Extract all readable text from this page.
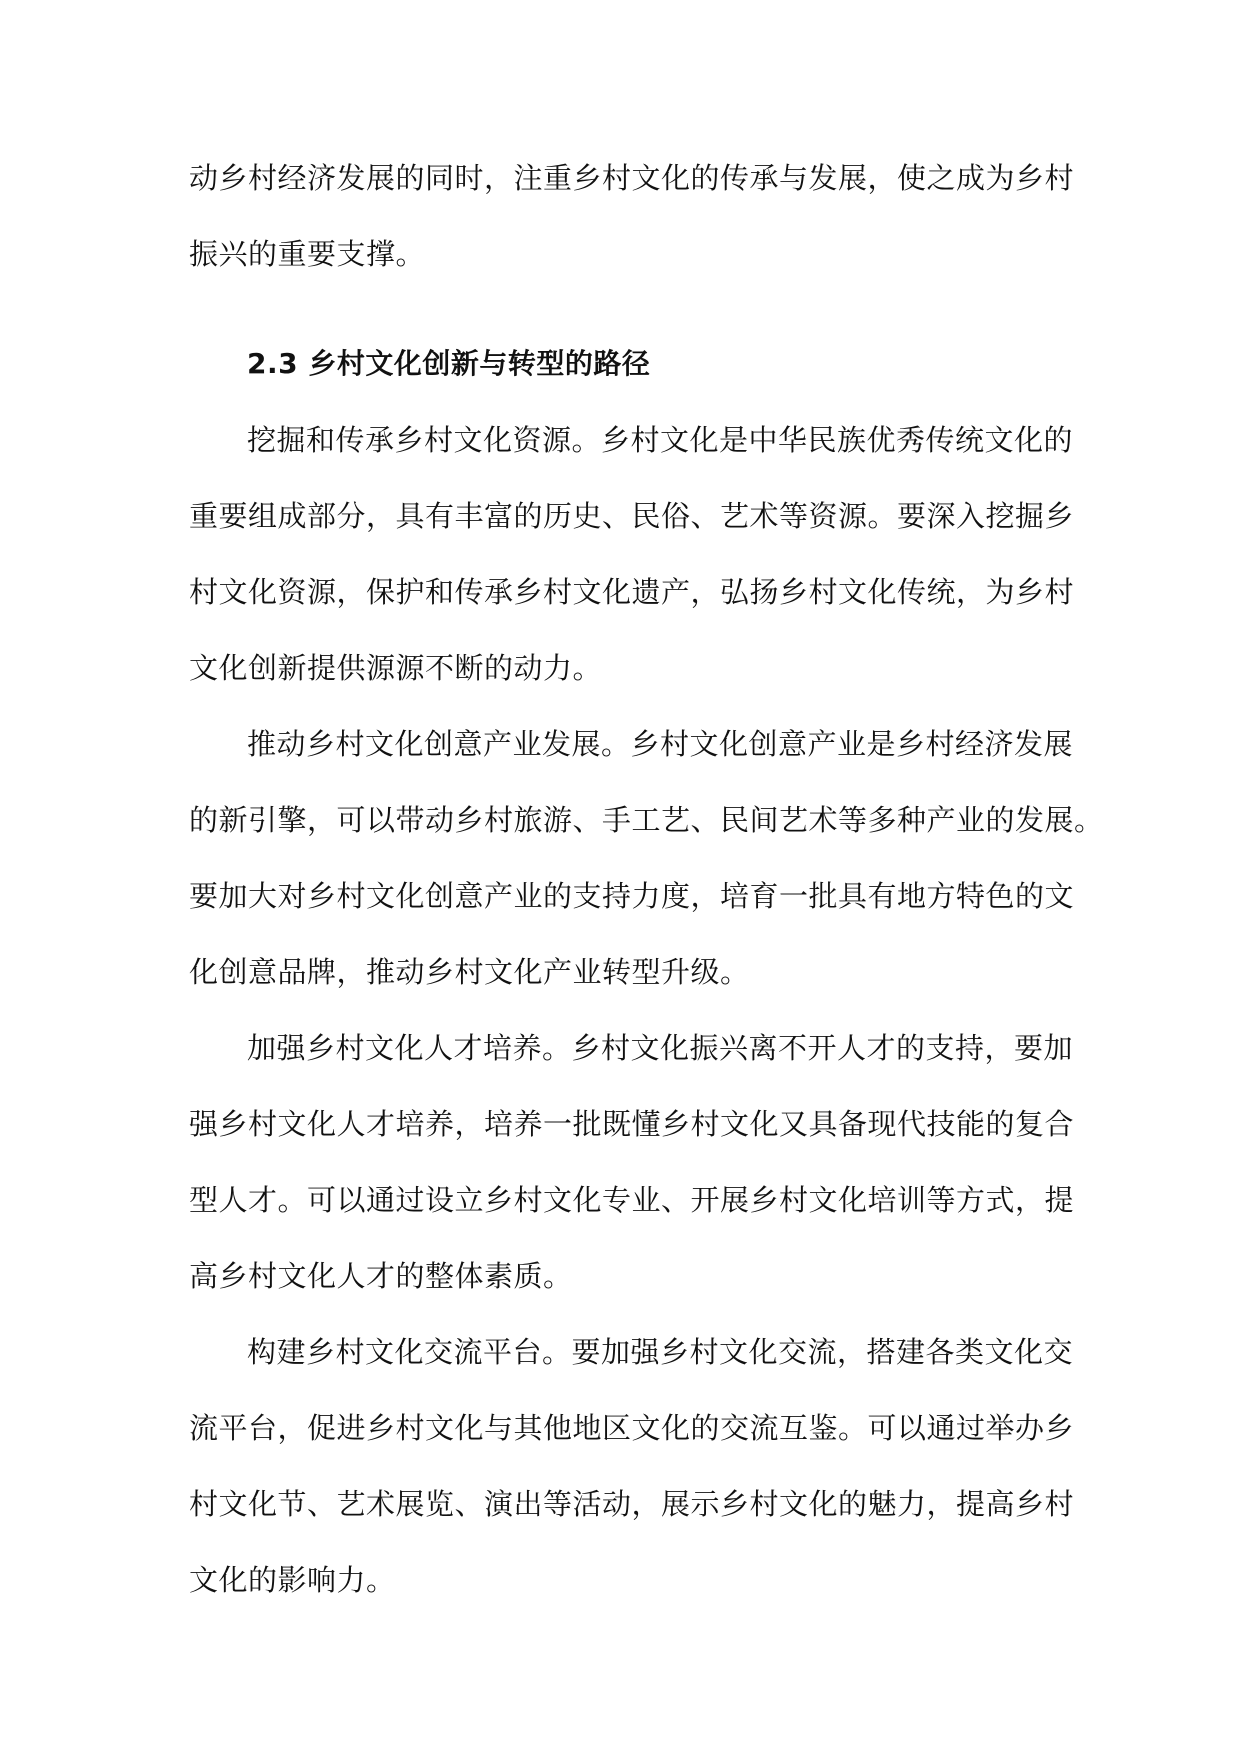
动乡村经济发展的同时，注重乡村文化的传承与发展，使之成为乡村
振兴的重要支撑。
2.3 乡村文化创新与转型的路径
挖掘和传承乡村文化资源。乡村文化是中华民族优秀传统文化的
重要组成部分，具有丰富的历史、民俗、艺术等资源。要深入挖掘乡
村文化资源，保护和传承乡村文化遗产，弘扬乡村文化传统，为乡村
文化创新提供源源不断的动力。
推动乡村文化创意产业发展。乡村文化创意产业是乡村经济发展
的新引擎，可以带动乡村旅游、手工艺、民间艺术等多种产业的发展。
要加大对乡村文化创意产业的支持力度，培育一批具有地方特色的文
化创意品牌，推动乡村文化产业转型升级。
加强乡村文化人才培养。乡村文化振兴离不开人才的支持，要加
强乡村文化人才培养，培养一批既懂乡村文化又具备现代技能的复合
型人才。可以通过设立乡村文化专业、开展乡村文化培训等方式，提
高乡村文化人才的整体素质。
构建乡村文化交流平台。要加强乡村文化交流，搭建各类文化交
流平台，促进乡村文化与其他地区文化的交流互鉴。可以通过举办乡
村文化节、艺术展览、演出等活动，展示乡村文化的魅力，提高乡村
文化的影响力。
